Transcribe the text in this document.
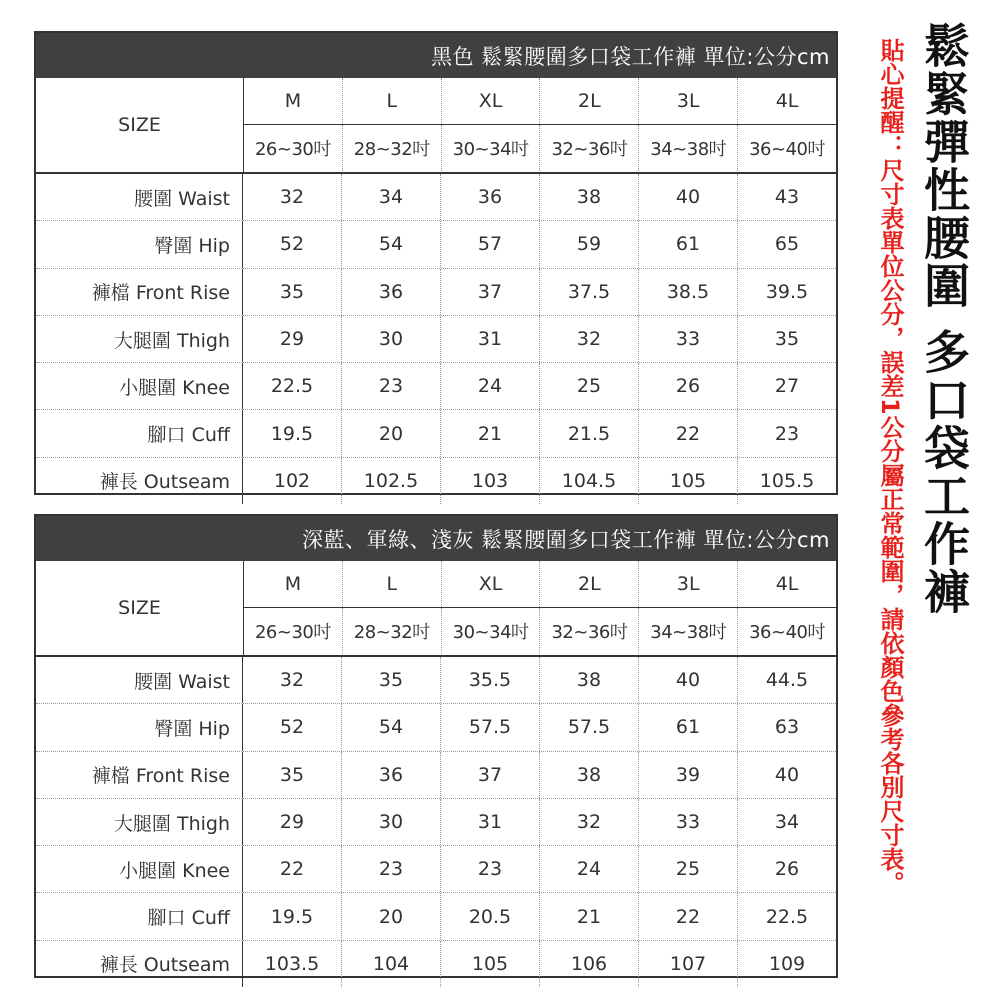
黑色 鬆緊腰圍多口袋工作褲 單位:公分cm
SIZE
M	L	XL	2L	3L	4L
26~30吋	28~32吋	30~34吋	32~36吋	34~38吋	36~40吋
腰圍 Waist	32	34	36	38	40	43
臀圍 Hip	52	54	57	59	61	65
褲檔 Front Rise	35	36	37	37.5	38.5	39.5
大腿圍 Thigh	29	30	31	32	33	35
小腿圍 Knee	22.5	23	24	25	26	27
腳口 Cuff	19.5	20	21	21.5	22	23
褲長 Outseam	102	102.5	103	104.5	105	105.5
深藍、軍綠、淺灰 鬆緊腰圍多口袋工作褲 單位:公分cm
SIZE
M	L	XL	2L	3L	4L
26~30吋	28~32吋	30~34吋	32~36吋	34~38吋	36~40吋
腰圍 Waist	32	35	35.5	38	40	44.5
臀圍 Hip	52	54	57.5	57.5	61	63
褲檔 Front Rise	35	36	37	38	39	40
大腿圍 Thigh	29	30	31	32	33	34
小腿圍 Knee	22	23	23	24	25	26
腳口 Cuff	19.5	20	20.5	21	22	22.5
褲長 Outseam	103.5	104	105	106	107	109
貼心提醒：尺寸表單位公分，誤差1公分屬正常範圍，請依顏色參考各別尺寸表。 鬆緊彈性腰圍 多口袋工作褲
